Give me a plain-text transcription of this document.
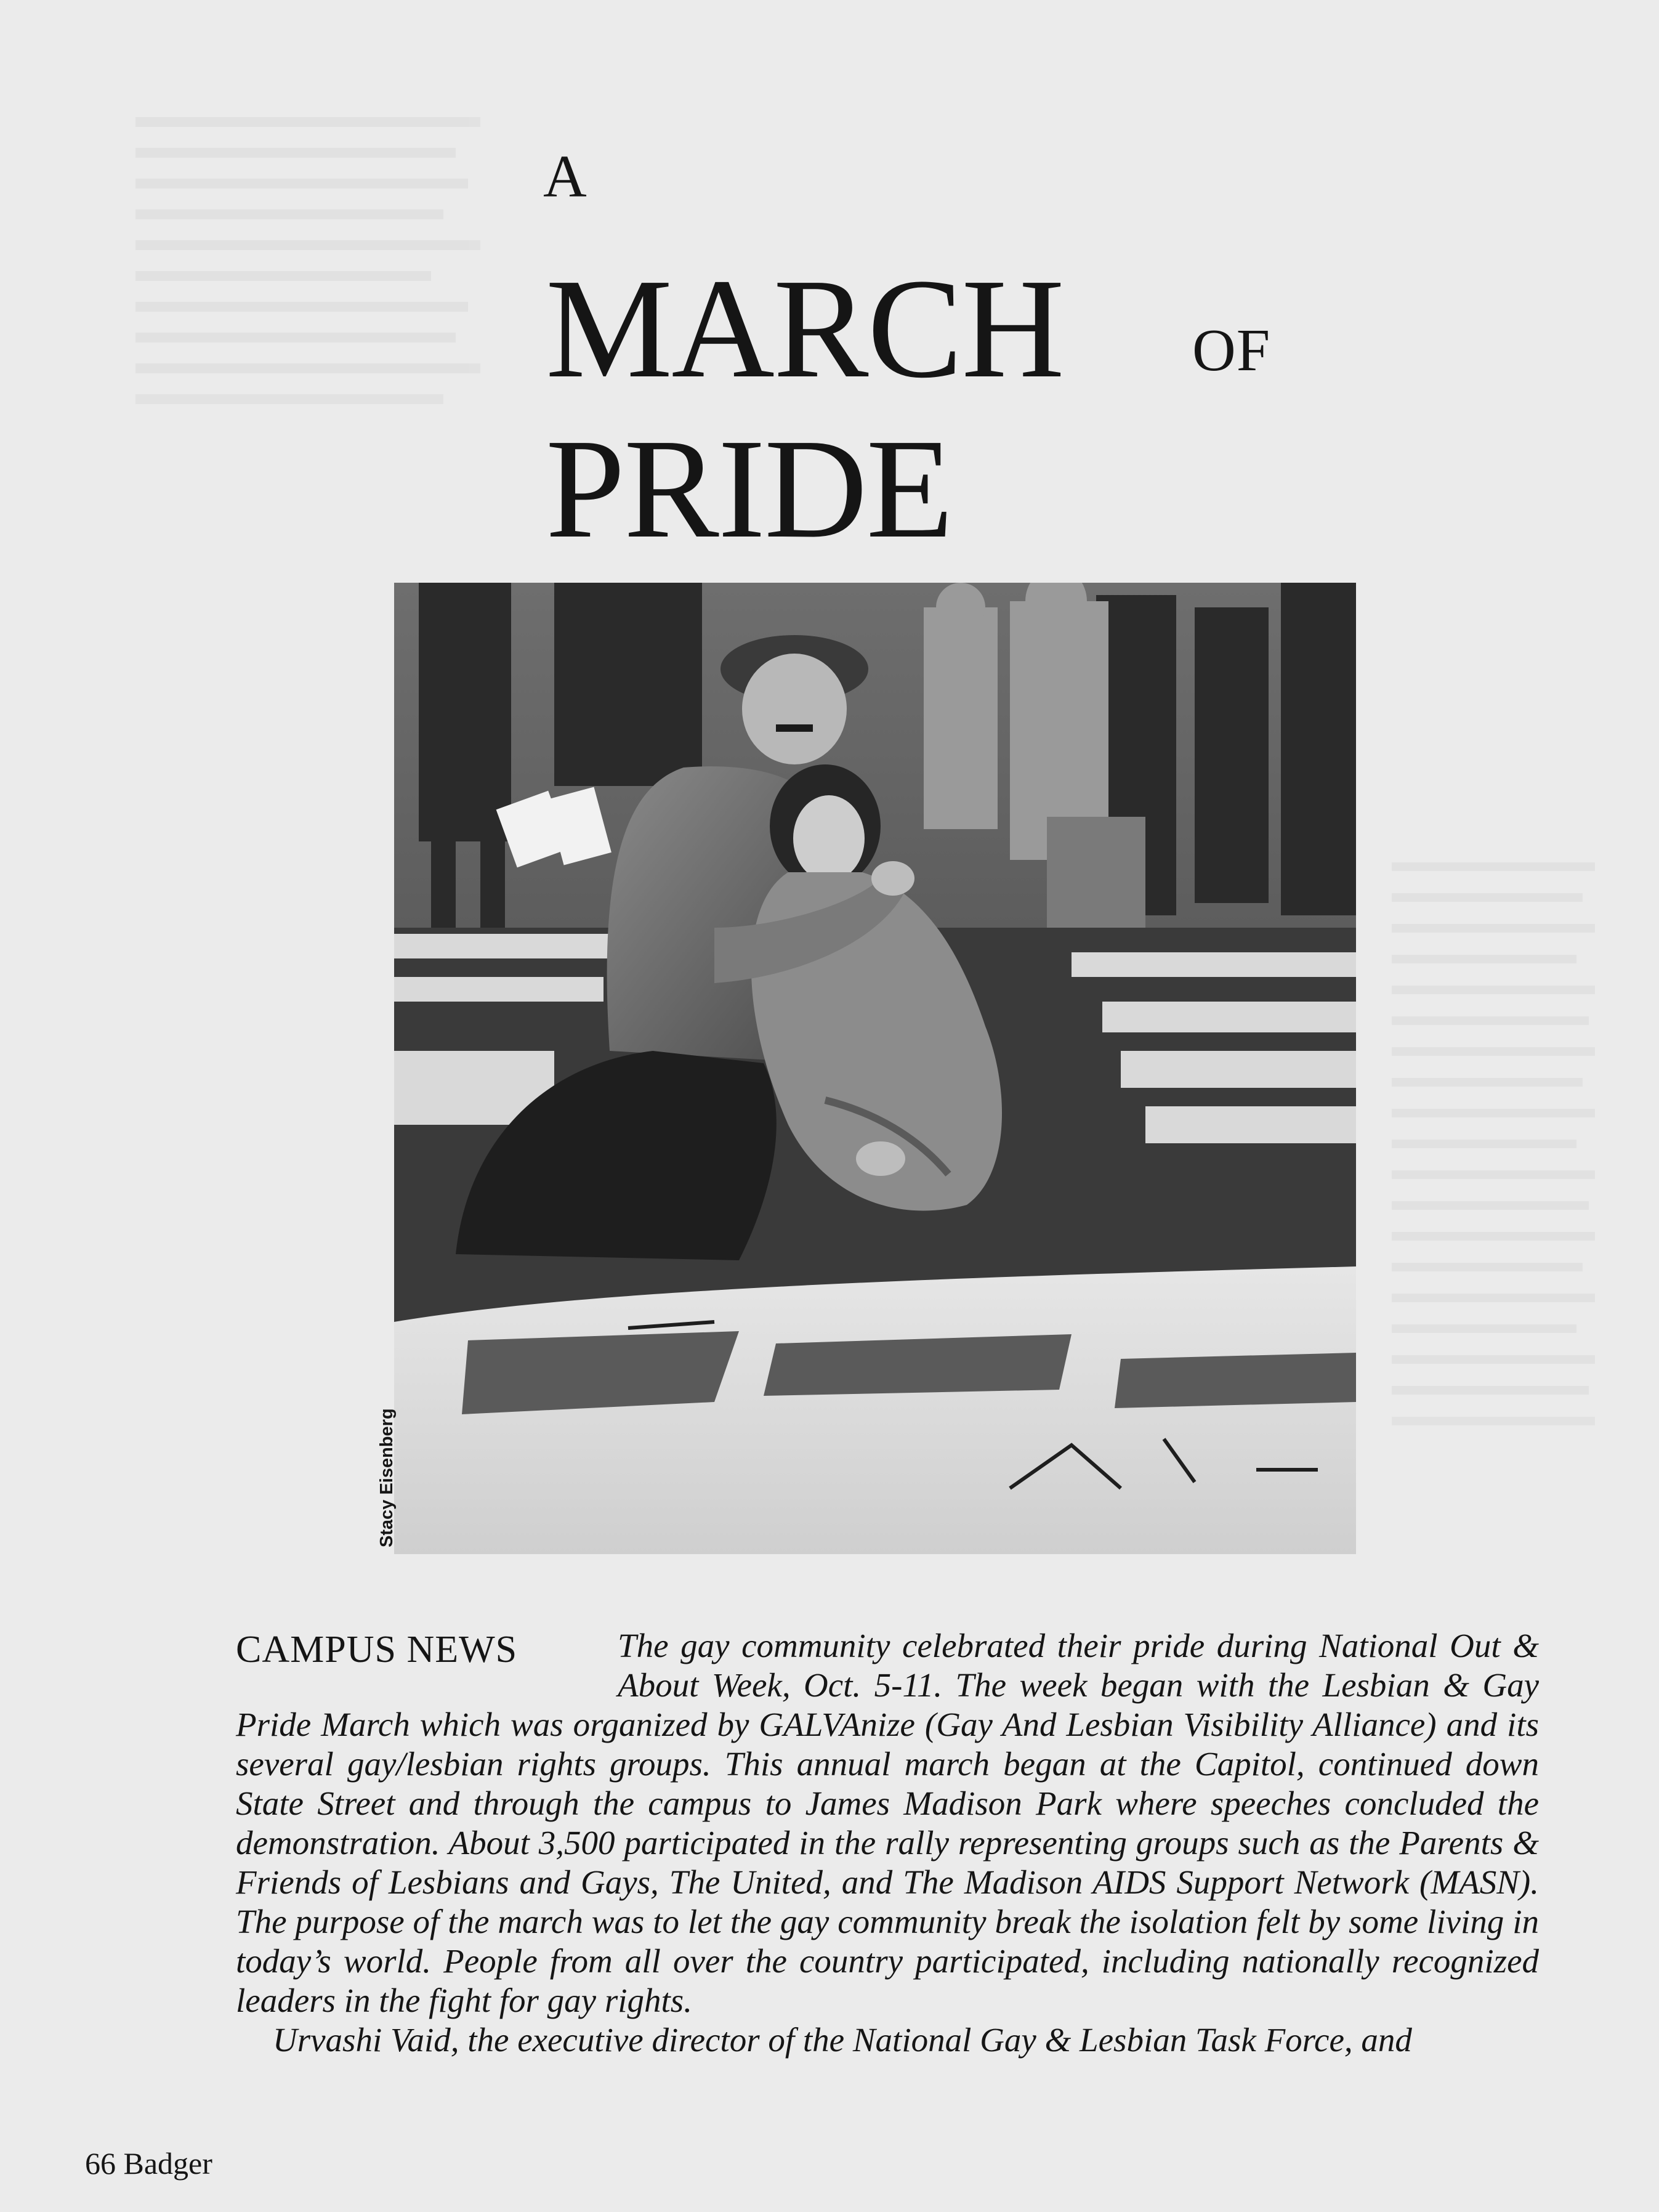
A
MARCH OF
PRIDE
Stacy Eisenberg

CAMPUS NEWS	The gay community celebrated their pride during National Out & About Week, Oct. 5-11. The week began with the Lesbian & Gay Pride March which was organized by GALVAnize (Gay And Lesbian Visibility Alliance) and its several gay/lesbian rights groups. This annual march began at the Capitol, continued down State Street and through the campus to James Madison Park where speeches concluded the demonstration. About 3,500 participated in the rally representing groups such as the Parents & Friends of Lesbians and Gays, The United, and The Madison AIDS Support Network (MASN). The purpose of the march was to let the gay community break the isolation felt by some living in today’s world. People from all over the country participated, including nationally recognized leaders in the fight for gay rights.
Urvashi Vaid, the executive director of the National Gay & Lesbian Task Force, and

66 Badger
